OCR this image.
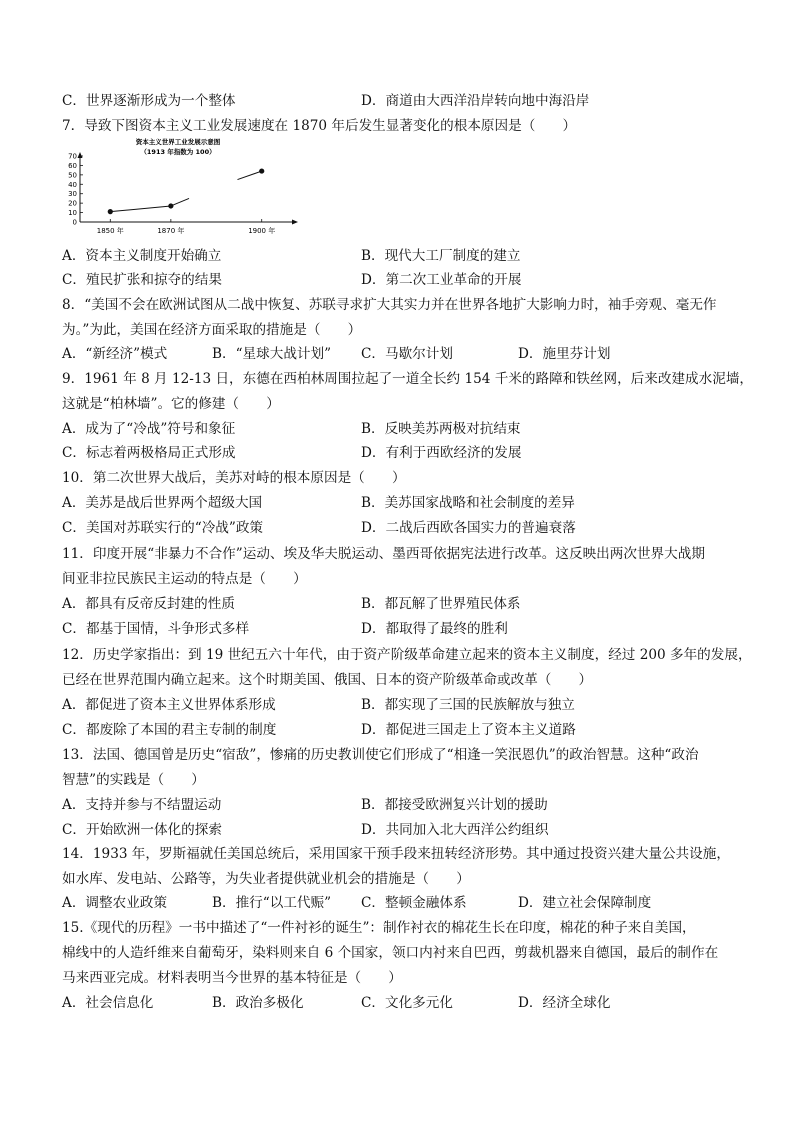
C．世界逐渐形成为一个整体	D．商道由大西洋沿岸转向地中海沿岸
7．导致下图资本主义工业发展速度在 1870 年后发生显著变化的根本原因是（　　）
资本主义世界工业发展示意图
（1913 年指数为 100）
0
10
20
30
40
50
60
70
1850 年	1870 年	1900 年
A．资本主义制度开始确立	B．现代大工厂制度的建立
C．殖民扩张和掠夺的结果	D．第二次工业革命的开展
8．“美国不会在欧洲试图从二战中恢复、苏联寻求扩大其实力并在世界各地扩大影响力时，袖手旁观、毫无作
为。”为此，美国在经济方面采取的措施是（　　）
A．“新经济”模式	B．“星球大战计划” C．马歇尔计划	D．施里芬计划
9．1961 年 8 月 12-13 日，东德在西柏林周围拉起了一道全长约 154 千米的路障和铁丝网，后来改建成水泥墙，
这就是“柏林墙”。它的修建（　　）
A．成为了“冷战”符号和象征	B．反映美苏两极对抗结束
C．标志着两极格局正式形成	D．有利于西欧经济的发展
10．第二次世界大战后，美苏对峙的根本原因是（　　）
A．美苏是战后世界两个超级大国	B．美苏国家战略和社会制度的差异
C．美国对苏联实行的“冷战”政策	D．二战后西欧各国实力的普遍衰落
11．印度开展“非暴力不合作”运动、埃及华夫脱运动、墨西哥依据宪法进行改革。这反映出两次世界大战期
间亚非拉民族民主运动的特点是（　　）
A．都具有反帝反封建的性质	B．都瓦解了世界殖民体系
C．都基于国情，斗争形式多样	D．都取得了最终的胜利
12．历史学家指出：到 19 世纪五六十年代，由于资产阶级革命建立起来的资本主义制度，经过 200 多年的发展，
已经在世界范围内确立起来。这个时期美国、俄国、日本的资产阶级革命或改革（　　）
A．都促进了资本主义世界体系形成	B．都实现了三国的民族解放与独立
C．都废除了本国的君主专制的制度	D．都促进三国走上了资本主义道路
13．法国、德国曾是历史“宿敌”，惨痛的历史教训使它们形成了“相逢一笑泯恩仇”的政治智慧。这种“政治
智慧”的实践是（　　）
A．支持并参与不结盟运动	B．都接受欧洲复兴计划的援助
C．开始欧洲一体化的探索	D．共同加入北大西洋公约组织
14．1933 年，罗斯福就任美国总统后，采用国家干预手段来扭转经济形势。其中通过投资兴建大量公共设施，
如水库、发电站、公路等，为失业者提供就业机会的措施是（　　）
A．调整农业政策	B．推行“以工代赈” C．整顿金融体系	D．建立社会保障制度
15.《现代的历程》一书中描述了“一件衬衫的诞生”：制作衬衣的棉花生长在印度，棉花的种子来自美国，
棉线中的人造纤维来自葡萄牙，染料则来自 6 个国家，领口内衬来自巴西，剪裁机器来自德国，最后的制作在
马来西亚完成。材料表明当今世界的基本特征是（　　）
A．社会信息化	B．政治多极化	C．文化多元化	D．经济全球化
